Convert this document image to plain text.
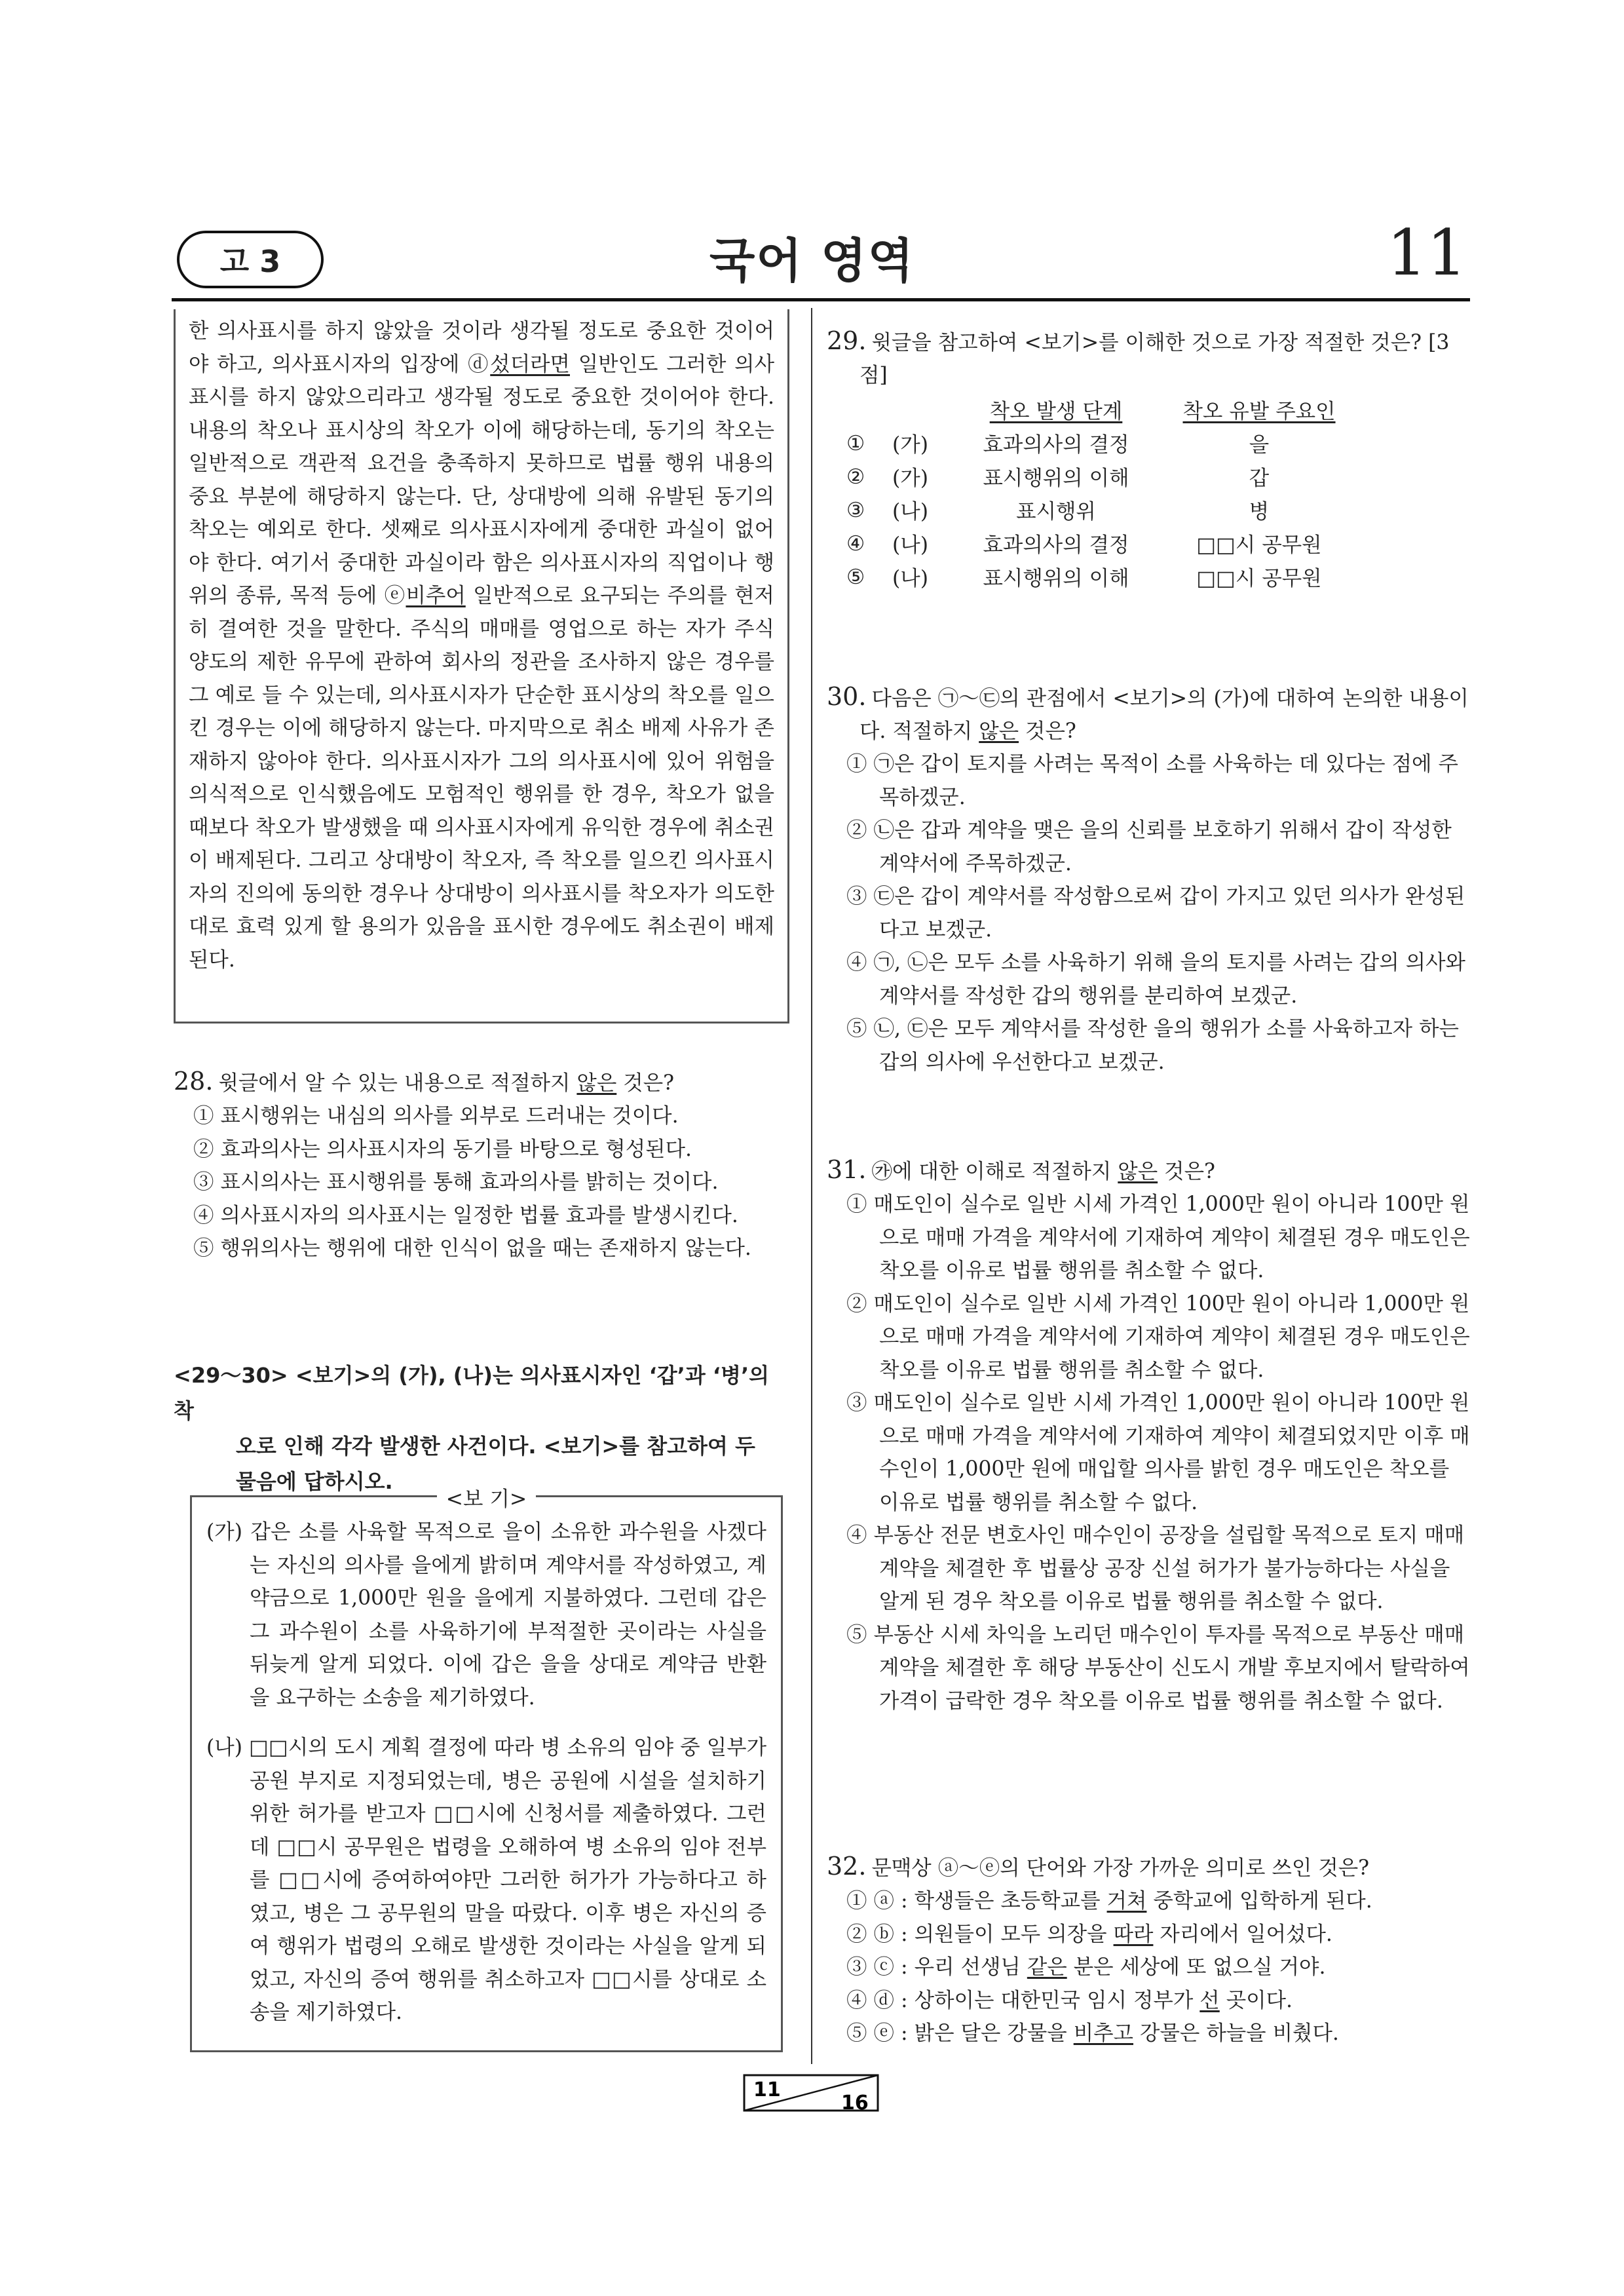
고 3	국어 영역	11

한 의사표시를 하지 않았을 것이라 생각될 정도로 중요한 것이어야 하고, 의사표시자의 입장에 ⓓ섰더라면 일반인도 그러한 의사표시를 하지 않았으리라고 생각될 정도로 중요한 것이어야 한다. 내용의 착오나 표시상의 착오가 이에 해당하는데, 동기의 착오는 일반적으로 객관적 요건을 충족하지 못하므로 법률 행위 내용의 중요 부분에 해당하지 않는다. 단, 상대방에 의해 유발된 동기의 착오는 예외로 한다. 셋째로 의사표시자에게 중대한 과실이 없어야 한다. 여기서 중대한 과실이라 함은 의사표시자의 직업이나 행위의 종류, 목적 등에 ⓔ비추어 일반적으로 요구되는 주의를 현저히 결여한 것을 말한다. 주식의 매매를 영업으로 하는 자가 주식 양도의 제한 유무에 관하여 회사의 정관을 조사하지 않은 경우를 그 예로 들 수 있는데, 의사표시자가 단순한 표시상의 착오를 일으킨 경우는 이에 해당하지 않는다. 마지막으로 취소 배제 사유가 존재하지 않아야 한다. 의사표시자가 그의 의사표시에 있어 위험을 의식적으로 인식했음에도 모험적인 행위를 한 경우, 착오가 없을 때보다 착오가 발생했을 때 의사표시자에게 유익한 경우에 취소권이 배제된다. 그리고 상대방이 착오자, 즉 착오를 일으킨 의사표시자의 진의에 동의한 경우나 상대방이 의사표시를 착오자가 의도한 대로 효력 있게 할 용의가 있음을 표시한 경우에도 취소권이 배제된다.

28. 윗글에서 알 수 있는 내용으로 적절하지 않은 것은?
① 표시행위는 내심의 의사를 외부로 드러내는 것이다.
② 효과의사는 의사표시자의 동기를 바탕으로 형성된다.
③ 표시의사는 표시행위를 통해 효과의사를 밝히는 것이다.
④ 의사표시자의 의사표시는 일정한 법률 효과를 발생시킨다.
⑤ 행위의사는 행위에 대한 인식이 없을 때는 존재하지 않는다.
<29～30> <보기>의 (가), (나)는 의사표시자인 ‘갑’과 ‘병’의 착
오로 인해 각각 발생한 사건이다. <보기>를 참고하여 두
물음에 답하시오.
<보 기>

(가) 갑은 소를 사육할 목적으로 을이 소유한 과수원을 사겠다는 자신의 의사를 을에게 밝히며 계약서를 작성하였고, 계약금으로 1,000만 원을 을에게 지불하였다. 그런데 갑은 그 과수원이 소를 사육하기에 부적절한 곳이라는 사실을 뒤늦게 알게 되었다. 이에 갑은 을을 상대로 계약금 반환을 요구하는 소송을 제기하였다.

(나) □□시의 도시 계획 결정에 따라 병 소유의 임야 중 일부가 공원 부지로 지정되었는데, 병은 공원에 시설을 설치하기 위한 허가를 받고자 □□시에 신청서를 제출하였다. 그런데 □□시 공무원은 법령을 오해하여 병 소유의 임야 전부를 □□시에 증여하여야만 그러한 허가가 가능하다고 하였고, 병은 그 공무원의 말을 따랐다. 이후 병은 자신의 증여 행위가 법령의 오해로 발생한 것이라는 사실을 알게 되었고, 자신의 증여 행위를 취소하고자 □□시를 상대로 소송을 제기하였다.

29. 윗글을 참고하여 <보기>를 이해한 것으로 가장 적절한 것은? [3점]
		착오 발생 단계	착오 유발 주요인
①	(가)	효과의사의 결정	을
②	(가)	표시행위의 이해	갑
③	(나)	표시행위	병
④	(나)	효과의사의 결정	□□시 공무원
⑤	(나)	표시행위의 이해	□□시 공무원
30. 다음은 ㉠～㉢의 관점에서 <보기>의 (가)에 대하여 논의한 내용이다. 적절하지 않은 것은?
① ㉠은 갑이 토지를 사려는 목적이 소를 사육하는 데 있다는 점에 주목하겠군.
② ㉡은 갑과 계약을 맺은 을의 신뢰를 보호하기 위해서 갑이 작성한 계약서에 주목하겠군.
③ ㉢은 갑이 계약서를 작성함으로써 갑이 가지고 있던 의사가 완성된다고 보겠군.
④ ㉠, ㉡은 모두 소를 사육하기 위해 을의 토지를 사려는 갑의 의사와 계약서를 작성한 갑의 행위를 분리하여 보겠군.
⑤ ㉡, ㉢은 모두 계약서를 작성한 을의 행위가 소를 사육하고자 하는 갑의 의사에 우선한다고 보겠군.
31. ㉮에 대한 이해로 적절하지 않은 것은?
① 매도인이 실수로 일반 시세 가격인 1,000만 원이 아니라 100만 원으로 매매 가격을 계약서에 기재하여 계약이 체결된 경우 매도인은 착오를 이유로 법률 행위를 취소할 수 없다.
② 매도인이 실수로 일반 시세 가격인 100만 원이 아니라 1,000만 원으로 매매 가격을 계약서에 기재하여 계약이 체결된 경우 매도인은 착오를 이유로 법률 행위를 취소할 수 없다.
③ 매도인이 실수로 일반 시세 가격인 1,000만 원이 아니라 100만 원으로 매매 가격을 계약서에 기재하여 계약이 체결되었지만 이후 매수인이 1,000만 원에 매입할 의사를 밝힌 경우 매도인은 착오를 이유로 법률 행위를 취소할 수 없다.
④ 부동산 전문 변호사인 매수인이 공장을 설립할 목적으로 토지 매매 계약을 체결한 후 법률상 공장 신설 허가가 불가능하다는 사실을 알게 된 경우 착오를 이유로 법률 행위를 취소할 수 없다.
⑤ 부동산 시세 차익을 노리던 매수인이 투자를 목적으로 부동산 매매 계약을 체결한 후 해당 부동산이 신도시 개발 후보지에서 탈락하여 가격이 급락한 경우 착오를 이유로 법률 행위를 취소할 수 없다.
32. 문맥상 ⓐ～ⓔ의 단어와 가장 가까운 의미로 쓰인 것은?
① ⓐ : 학생들은 초등학교를 거쳐 중학교에 입학하게 된다.
② ⓑ : 의원들이 모두 의장을 따라 자리에서 일어섰다.
③ ⓒ : 우리 선생님 같은 분은 세상에 또 없으실 거야.
④ ⓓ : 상하이는 대한민국 임시 정부가 선 곳이다.
⑤ ⓔ : 밝은 달은 강물을 비추고 강물은 하늘을 비췄다.
11
16
